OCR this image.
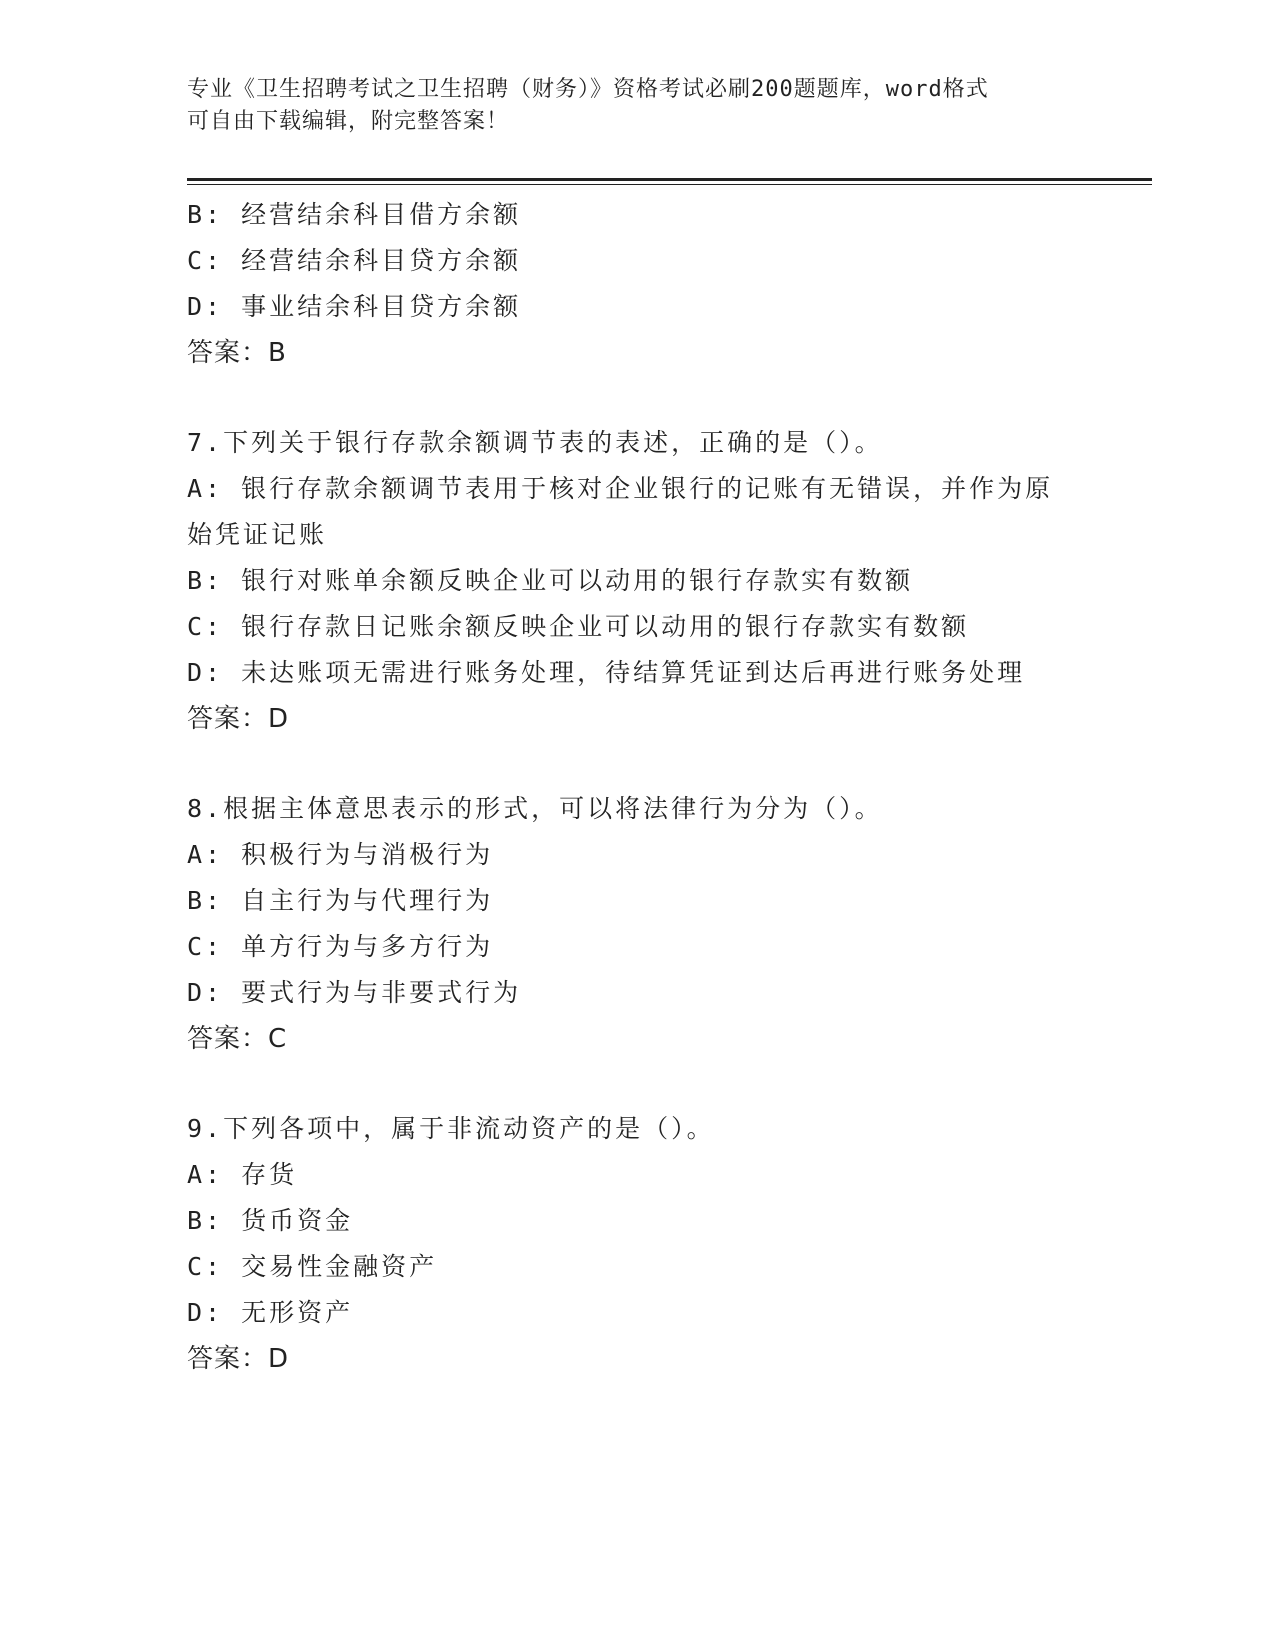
专业《卫生招聘考试之卫生招聘（财务）》资格考试必刷200题题库，word格式
可自由下载编辑，附完整答案！
B: 经营结余科目借方余额
C: 经营结余科目贷方余额
D: 事业结余科目贷方余额
答案：B
7.下列关于银行存款余额调节表的表述，正确的是（）。
A: 银行存款余额调节表用于核对企业银行的记账有无错误，并作为原
始凭证记账
B: 银行对账单余额反映企业可以动用的银行存款实有数额
C: 银行存款日记账余额反映企业可以动用的银行存款实有数额
D: 未达账项无需进行账务处理，待结算凭证到达后再进行账务处理
答案：D
8.根据主体意思表示的形式，可以将法律行为分为（）。
A: 积极行为与消极行为
B: 自主行为与代理行为
C: 单方行为与多方行为
D: 要式行为与非要式行为
答案：C
9.下列各项中，属于非流动资产的是（）。
A: 存货
B: 货币资金
C: 交易性金融资产
D: 无形资产
答案：D
